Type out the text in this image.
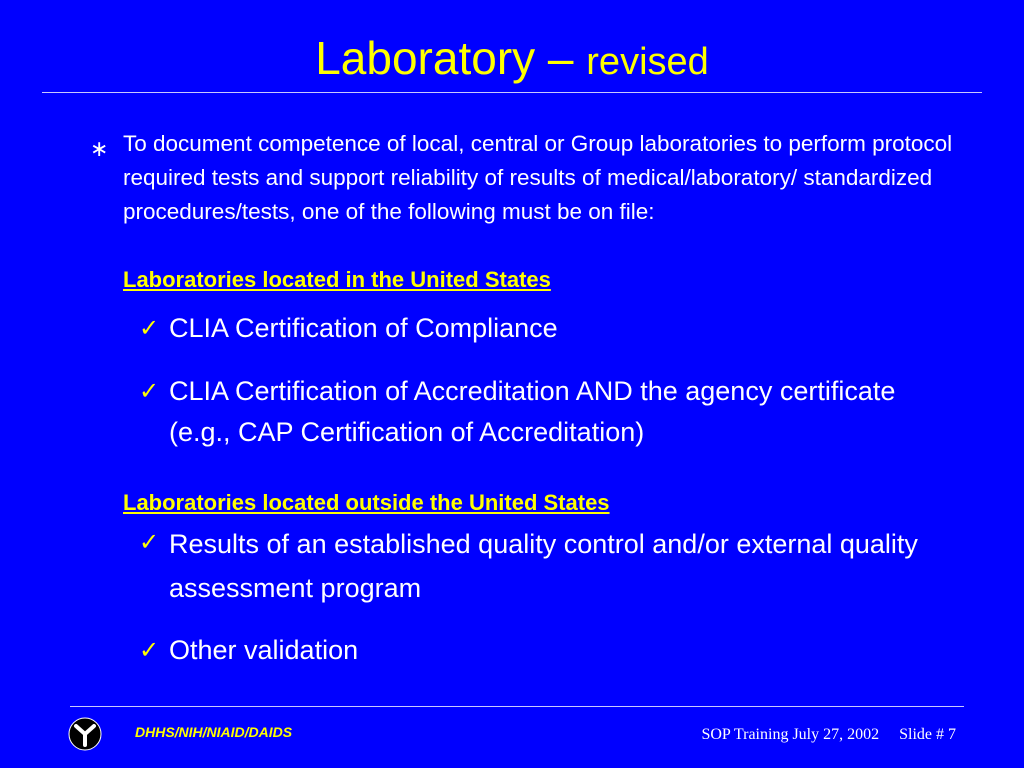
Laboratory – revised
∗ To document competence of local, central or Group laboratories to perform protocol required tests and support reliability of results of medical/laboratory/ standardized procedures/tests, one of the following must be on file:
Laboratories located in the United States
✓ CLIA Certification of Compliance
✓ CLIA Certification of Accreditation AND the agency certificate (e.g., CAP Certification of Accreditation)
Laboratories located outside the United States
✓ Results of an established quality control and/or external quality assessment program
✓ Other validation
DHHS/NIH/NIAID/DAIDS	SOP Training July 27, 2002 Slide # 7
